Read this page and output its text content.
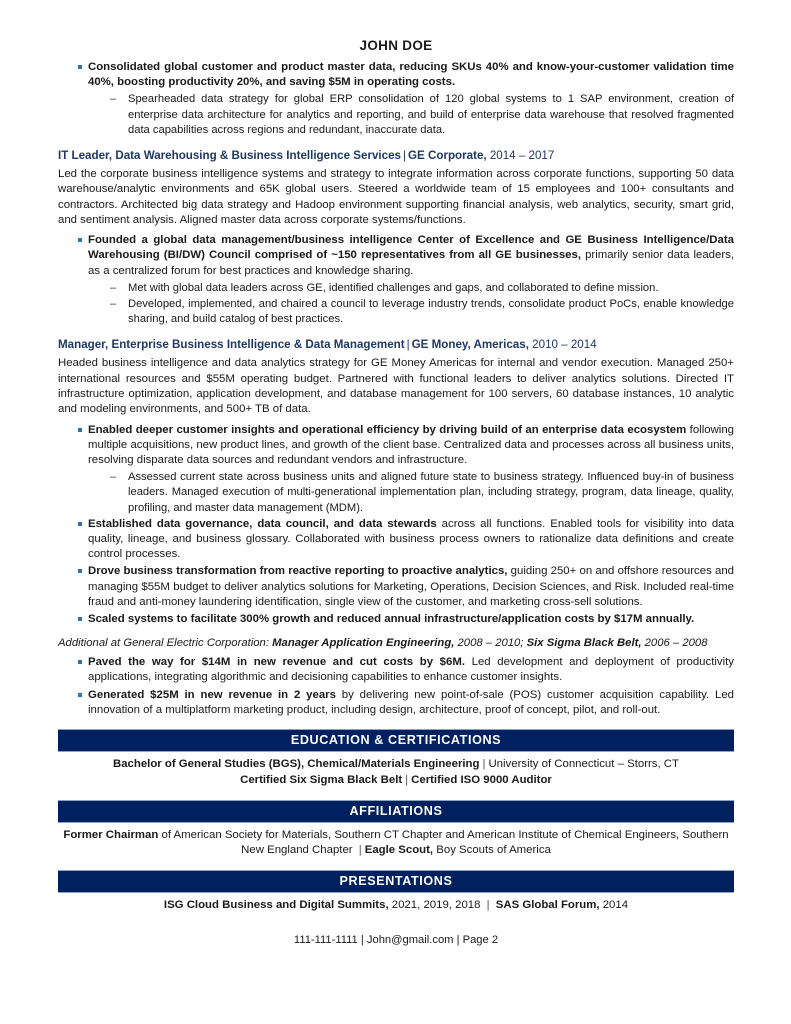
JOHN DOE
Consolidated global customer and product master data, reducing SKUs 40% and know-your-customer validation time 40%, boosting productivity 20%, and saving $5M in operating costs.
– Spearheaded data strategy for global ERP consolidation of 120 global systems to 1 SAP environment, creation of enterprise data architecture for analytics and reporting, and build of enterprise data warehouse that resolved fragmented data capabilities across regions and redundant, inaccurate data.
IT Leader, Data Warehousing & Business Intelligence Services | GE Corporate, 2014 – 2017
Led the corporate business intelligence systems and strategy to integrate information across corporate functions, supporting 50 data warehouse/analytic environments and 65K global users. Steered a worldwide team of 15 employees and 100+ consultants and contractors. Architected big data strategy and Hadoop environment supporting financial analysis, web analytics, security, smart grid, and sentiment analysis. Aligned master data across corporate systems/functions.
Founded a global data management/business intelligence Center of Excellence and GE Business Intelligence/Data Warehousing (BI/DW) Council comprised of ~150 representatives from all GE businesses, primarily senior data leaders, as a centralized forum for best practices and knowledge sharing.
– Met with global data leaders across GE, identified challenges and gaps, and collaborated to define mission.
– Developed, implemented, and chaired a council to leverage industry trends, consolidate product PoCs, enable knowledge sharing, and build catalog of best practices.
Manager, Enterprise Business Intelligence & Data Management | GE Money, Americas, 2010 – 2014
Headed business intelligence and data analytics strategy for GE Money Americas for internal and vendor execution. Managed 250+ international resources and $55M operating budget. Partnered with functional leaders to deliver analytics solutions. Directed IT infrastructure optimization, application development, and database management for 100 servers, 60 database instances, 10 analytic and modeling environments, and 500+ TB of data.
Enabled deeper customer insights and operational efficiency by driving build of an enterprise data ecosystem following multiple acquisitions, new product lines, and growth of the client base. Centralized data and processes across all business units, resolving disparate data sources and redundant vendors and infrastructure.
– Assessed current state across business units and aligned future state to business strategy. Influenced buy-in of business leaders. Managed execution of multi-generational implementation plan, including strategy, program, data lineage, quality, profiling, and master data management (MDM).
Established data governance, data council, and data stewards across all functions. Enabled tools for visibility into data quality, lineage, and business glossary. Collaborated with business process owners to rationalize data definitions and create control processes.
Drove business transformation from reactive reporting to proactive analytics, guiding 250+ on and offshore resources and managing $55M budget to deliver analytics solutions for Marketing, Operations, Decision Sciences, and Risk. Included real-time fraud and anti-money laundering identification, single view of the customer, and marketing cross-sell solutions.
Scaled systems to facilitate 300% growth and reduced annual infrastructure/application costs by $17M annually.
Additional at General Electric Corporation: Manager Application Engineering, 2008 – 2010; Six Sigma Black Belt, 2006 – 2008
Paved the way for $14M in new revenue and cut costs by $6M. Led development and deployment of productivity applications, integrating algorithmic and decisioning capabilities to enhance customer insights.
Generated $25M in new revenue in 2 years by delivering new point-of-sale (POS) customer acquisition capability. Led innovation of a multiplatform marketing product, including design, architecture, proof of concept, pilot, and roll-out.
EDUCATION & CERTIFICATIONS
Bachelor of General Studies (BGS), Chemical/Materials Engineering | University of Connecticut – Storrs, CT
Certified Six Sigma Black Belt | Certified ISO 9000 Auditor
AFFILIATIONS
Former Chairman of American Society for Materials, Southern CT Chapter and American Institute of Chemical Engineers, Southern New England Chapter | Eagle Scout, Boy Scouts of America
PRESENTATIONS
ISG Cloud Business and Digital Summits, 2021, 2019, 2018 | SAS Global Forum, 2014
111-111-1111 | John@gmail.com | Page 2
